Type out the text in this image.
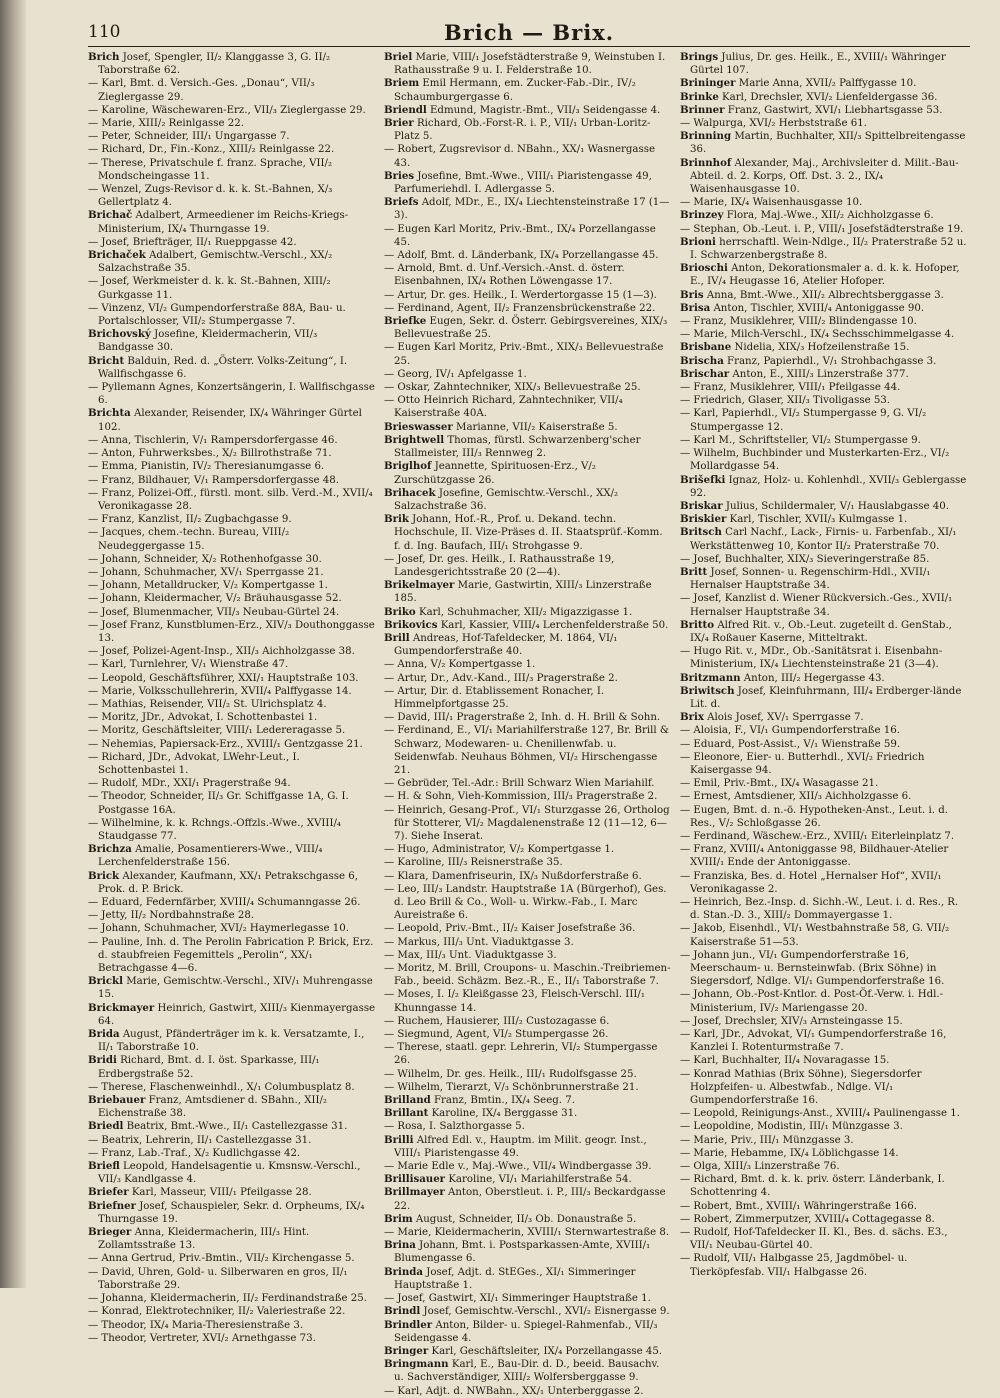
110	Brich — Brix.

Brich Josef, Spengler, II/₂ Klanggasse 3, G. II/₂ Taborstraße 62.

— Karl, Bmt. d. Versich.-Ges. „Donau“, VII/₃ Zieglergasse 29.

— Karoline, Wäschewaren-Erz., VII/₃ Zieglergasse 29.

— Marie, XIII/₂ Reinlgasse 22.

— Peter, Schneider, III/₁ Ungargasse 7.

— Richard, Dr., Fin.-Konz., XIII/₂ Reinlgasse 22.

— Therese, Privatschule f. franz. Sprache, VII/₂ Mondscheingasse 11.

— Wenzel, Zugs-Revisor d. k. k. St.-Bahnen, X/₃ Gellertplatz 4.

Brichač Adalbert, Armeediener im Reichs-Kriegs-Ministerium, IX/₄ Thurngasse 19.

— Josef, Briefträger, II/₁ Rueppgasse 42.

Brichaček Adalbert, Gemischtw.-Verschl., XX/₂ Salzachstraße 35.

— Josef, Werkmeister d. k. k. St.-Bahnen, XIII/₂ Gurkgasse 11.

— Vinzenz, VI/₂ Gumpendorferstraße 88A, Bau- u. Portalschlosser, VII/₂ Stumpergasse 7.

Brichovský Josefine, Kleidermacherin, VII/₃ Bandgasse 30.

Bricht Balduin, Red. d. „Österr. Volks-Zeitung“, I. Wallfischgasse 6.

— Pyllemann Agnes, Konzertsängerin, I. Wallfischgasse 6.

Brichta Alexander, Reisender, IX/₄ Währinger Gürtel 102.

— Anna, Tischlerin, V/₁ Rampersdorfergasse 46.

— Anton, Fuhrwerksbes., X/₂ Billrothstraße 71.

— Emma, Pianistin, IV/₂ Theresianumgasse 6.

— Franz, Bildhauer, V/₁ Rampersdorfergasse 48.

— Franz, Polizei-Off., fürstl. mont. silb. Verd.-M., XVII/₄ Veronikagasse 28.

— Franz, Kanzlist, II/₂ Zugbachgasse 9.

— Jacques, chem.-techn. Bureau, VIII/₂ Neudeggergasse 15.

— Johann, Schneider, X/₂ Rothenhofgasse 30.

— Johann, Schuhmacher, XV/₁ Sperrgasse 21.

— Johann, Metalldrucker, V/₂ Kompertgasse 1.

— Johann, Kleidermacher, V/₂ Bräuhausgasse 52.

— Josef, Blumenmacher, VII/₃ Neubau-Gürtel 24.

— Josef Franz, Kunstblumen-Erz., XIV/₃ Douthonggasse 13.

— Josef, Polizei-Agent-Insp., XII/₃ Aichholzgasse 38.

— Karl, Turnlehrer, V/₁ Wienstraße 47.

— Leopold, Geschäftsführer, XXI/₁ Hauptstraße 103.

— Marie, Volksschullehrerin, XVII/₄ Palffygasse 14.

— Mathias, Reisender, VII/₂ St. Ulrichsplatz 4.

— Moritz, JDr., Advokat, I. Schottenbastei 1.

— Moritz, Geschäftsleiter, VIII/₁ Ledereragasse 5.

— Nehemias, Papiersack-Erz., XVIII/₁ Gentzgasse 21.

— Richard, JDr., Advokat, LWehr-Leut., I. Schottenbastei 1.

— Rudolf, MDr., XXI/₁ Pragerstraße 94.

— Theodor, Schneider, II/₃ Gr. Schiffgasse 1A, G. I. Postgasse 16A.

— Wilhelmine, k. k. Rchngs.-Offzls.-Wwe., XVIII/₄ Staudgasse 77.

Brichza Amalie, Posamentierers-Wwe., VIII/₄ Lerchenfelderstraße 156.

Brick Alexander, Kaufmann, XX/₁ Petrakschgasse 6, Prok. d. P. Brick.

— Eduard, Federnfärber, XVIII/₄ Schumanngasse 26.

— Jetty, II/₂ Nordbahnstraße 28.

— Johann, Schuhmacher, XVI/₂ Haymerlegasse 10.

— Pauline, Inh. d. The Perolin Fabrication P. Brick, Erz. d. staubfreien Fegemittels „Perolin“, XX/₁ Betrachgasse 4—6.

Brickl Marie, Gemischtw.-Verschl., XIV/₁ Muhrengasse 15.

Brickmayer Heinrich, Gastwirt, XIII/₃ Kienmayergasse 64.

Brida August, Pfänderträger im k. k. Versatzamte, I., II/₁ Taborstraße 10.

Bridi Richard, Bmt. d. I. öst. Sparkasse, III/₁ Erdbergstraße 52.

— Therese, Flaschenweinhdl., X/₁ Columbusplatz 8.

Briebauer Franz, Amtsdiener d. SBahn., XII/₂ Eichenstraße 38.

Briedl Beatrix, Bmt.-Wwe., II/₁ Castellezgasse 31.

— Beatrix, Lehrerin, II/₁ Castellezgasse 31.

— Franz, Lab.-Traf., X/₂ Kudlichgasse 42.

Briefl Leopold, Handelsagentie u. Kmsnsw.-Verschl., VII/₃ Kandlgasse 4.

Briefer Karl, Masseur, VIII/₁ Pfeilgasse 28.

Briefner Josef, Schauspieler, Sekr. d. Orpheums, IX/₄ Thurngasse 19.

Brieger Anna, Kleidermacherin, III/₃ Hint. Zollamtsstraße 13.

— Anna Gertrud, Priv.-Bmtin., VII/₂ Kirchengasse 5.

— David, Uhren, Gold- u. Silberwaren en gros, II/₁ Taborstraße 29.

— Johanna, Kleidermacherin, II/₂ Ferdinandstraße 25.

— Konrad, Elektrotechniker, II/₂ Valeriestraße 22.

— Theodor, IX/₄ Maria-Theresienstraße 3.

— Theodor, Vertreter, XVI/₂ Arnethgasse 73.

Briel Marie, VIII/₁ Josefstädterstraße 9, Weinstuben I. Rathausstraße 9 u. I. Felderstraße 10.

Briem Emil Hermann, em. Zucker-Fab.-Dir., IV/₂ Schaumburgergasse 6.

Briendl Edmund, Magistr.-Bmt., VII/₃ Seidengasse 4.

Brier Richard, Ob.-Forst-R. i. P., VII/₁ Urban-Loritz-Platz 5.

— Robert, Zugsrevisor d. NBahn., XX/₁ Wasnergasse 43.

Bries Josefine, Bmt.-Wwe., VIII/₁ Piaristengasse 49, Parfumeriehdl. I. Adlergasse 5.

Briefs Adolf, MDr., E., IX/₄ Liechtensteinstraße 17 (1—3).

— Eugen Karl Moritz, Priv.-Bmt., IX/₄ Porzellangasse 45.

— Adolf, Bmt. d. Länderbank, IX/₄ Porzellangasse 45.

— Arnold, Bmt. d. Unf.-Versich.-Anst. d. österr. Eisenbahnen, IX/₄ Rothen Löwengasse 17.

— Artur, Dr. ges. Heilk., I. Werdertorgasse 15 (1—3).

— Ferdinand, Agent, II/₂ Franzensbrückenstraße 22.

Briefke Eugen, Sekr. d. Österr. Gebirgsvereines, XIX/₃ Bellevuestraße 25.

— Eugen Karl Moritz, Priv.-Bmt., XIX/₃ Bellevuestraße 25.

— Georg, IV/₁ Apfelgasse 1.

— Oskar, Zahntechniker, XIX/₃ Bellevuestraße 25.

— Otto Heinrich Richard, Zahntechniker, VII/₄ Kaiserstraße 40A.

Brieswasser Marianne, VII/₂ Kaiserstraße 5.

Brightwell Thomas, fürstl. Schwarzenberg'scher Stallmeister, III/₃ Rennweg 2.

Briglhof Jeannette, Spirituosen-Erz., V/₂ Zurschützgasse 26.

Brihacek Josefine, Gemischtw.-Verschl., XX/₂ Salzachstraße 36.

Brik Johann, Hof.-R., Prof. u. Dekand. techn. Hochschule, II. Vize-Präses d. II. Staatsprüf.-Komm. f. d. Ing. Baufach, III/₁ Strohgasse 9.

— Josef, Dr. ges. Heilk., I. Rathausstraße 19, Landesgerichtsstraße 20 (2—4).

Brikelmayer Marie, Gastwirtin, XIII/₃ Linzerstraße 185.

Briko Karl, Schuhmacher, XII/₂ Migazzigasse 1.

Brikovics Karl, Kassier, VIII/₄ Lerchenfelderstraße 50.

Brill Andreas, Hof-Tafeldecker, M. 1864, VI/₁ Gumpendorferstraße 40.

— Anna, V/₂ Kompertgasse 1.

— Artur, Dr., Adv.-Kand., III/₃ Pragerstraße 2.

— Artur, Dir. d. Etablissement Ronacher, I. Himmelpfortgasse 25.

— David, III/₁ Pragerstraße 2, Inh. d. H. Brill & Sohn.

— Ferdinand, E., VI/₁ Mariahilferstraße 127, Br. Brill & Schwarz, Modewaren- u. Chenillenwfab. u. Seidenwfab. Neuhaus Böhmen, VI/₂ Hirschengasse 21.

— Gebrüder, Tel.-Adr.: Brill Schwarz Wien Mariahilf.

— H. & Sohn, Vieh-Kommission, III/₃ Pragerstraße 2.

— Heinrich, Gesang-Prof., VI/₁ Sturzgasse 26, Ortholog für Stotterer, VI/₂ Magdalenenstraße 12 (11—12, 6—7). Siehe Inserat.

— Hugo, Administrator, V/₂ Kompertgasse 1.

— Karoline, III/₃ Reisnerstraße 35.

— Klara, Damenfriseurin, IX/₃ Nußdorferstraße 6.

— Leo, III/₃ Landstr. Hauptstraße 1A (Bürgerhof), Ges. d. Leo Brill & Co., Woll- u. Wirkw.-Fab., I. Marc Aureistraße 6.

— Leopold, Priv.-Bmt., II/₂ Kaiser Josefstraße 36.

— Markus, III/₃ Unt. Viaduktgasse 3.

— Max, III/₃ Unt. Viaduktgasse 3.

— Moritz, M. Brill, Croupons- u. Maschin.-Treibriemen-Fab., beeid. Schäzm. Bez.-R., E., II/₁ Taborstraße 7.

— Moses, I. I/₂ Kleißgasse 23, Fleisch-Verschl. III/₁ Khunngasse 14.

— Ruchem, Hausierer, III/₂ Custozagasse 6.

— Siegmund, Agent, VI/₂ Stumpergasse 26.

— Therese, staatl. gepr. Lehrerin, VI/₂ Stumpergasse 26.

— Wilhelm, Dr. ges. Heilk., III/₁ Rudolfsgasse 25.

— Wilhelm, Tierarzt, V/₃ Schönbrunnerstraße 21.

Brilland Franz, Bmtin., IX/₄ Seeg. 7.

Brillant Karoline, IX/₄ Berggasse 31.

— Rosa, I. Salzthorgasse 5.

Brilli Alfred Edl. v., Hauptm. im Milit. geogr. Inst., VIII/₁ Piaristengasse 49.

— Marie Edle v., Maj.-Wwe., VII/₄ Windbergasse 39.

Brillisauer Karoline, VI/₁ Mariahilferstraße 54.

Brillmayer Anton, Oberstleut. i. P., III/₃ Beckardgasse 22.

Brim August, Schneider, II/₃ Ob. Donaustraße 5.

— Marie, Kleidermacherin, XVIII/₁ Sternwartestraße 8.

Brina Johann, Bmt. i. Postsparkassen-Amte, XVIII/₁ Blumengasse 6.

Brinda Josef, Adjt. d. StEGes., XI/₁ Simmeringer Hauptstraße 1.

— Josef, Gastwirt, XI/₁ Simmeringer Hauptstraße 1.

Brindl Josef, Gemischtw.-Verschl., XVI/₂ Eisnergasse 9.

Brindler Anton, Bilder- u. Spiegel-Rahmenfab., VII/₃ Seidengasse 4.

Bringer Karl, Geschäftsleiter, IX/₄ Porzellangasse 45.

Bringmann Karl, E., Bau-Dir. d. D., beeid. Bausachv. u. Sachverständiger, XIII/₂ Wolfersberggasse 9.

— Karl, Adjt. d. NWBahn., XX/₁ Unterberggasse 2.

Brings Julius, Dr. ges. Heilk., E., XVIII/₁ Währinger Gürtel 107.

Brininger Marie Anna, XVII/₂ Palffygasse 10.

Brinke Karl, Drechsler, XVI/₂ Lienfeldergasse 36.

Brinner Franz, Gastwirt, XVI/₁ Liebhartsgasse 53.

— Walpurga, XVI/₂ Herbststraße 61.

Brinning Martin, Buchhalter, XII/₃ Spittelbreitengasse 36.

Brinnhof Alexander, Maj., Archivsleiter d. Milit.-Bau-Abteil. d. 2. Korps, Off. Dst. 3. 2., IX/₄ Waisenhausgasse 10.

— Marie, IX/₄ Waisenhausgasse 10.

Brinzey Flora, Maj.-Wwe., XII/₂ Aichholzgasse 6.

— Stephan, Ob.-Leut. i. P., VIII/₁ Josefstädterstraße 19.

Brioni herrschaftl. Wein-Ndlge., II/₂ Praterstraße 52 u. I. Schwarzenbergstraße 8.

Brioschi Anton, Dekorationsmaler a. d. k. k. Hofoper, E., IV/₄ Heugasse 16, Atelier Hofoper.

Bris Anna, Bmt.-Wwe., XII/₂ Albrechtsberggasse 3.

Brisa Anton, Tischler, XVIII/₄ Antoniggasse 90.

— Franz, Musiklehrer, VIII/₂ Blindengasse 10.

— Marie, Milch-Verschl., IX/₄ Sechsschimmelgasse 4.

Brisbane Nidelia, XIX/₃ Hofzeilenstraße 15.

Brischa Franz, Papierhdl., V/₁ Strohbachgasse 3.

Brischar Anton, E., XIII/₃ Linzerstraße 377.

— Franz, Musiklehrer, VIII/₁ Pfeilgasse 44.

— Friedrich, Glaser, XII/₃ Tivoligasse 53.

— Karl, Papierhdl., VI/₂ Stumpergasse 9, G. VI/₂ Stumpergasse 12.

— Karl M., Schriftsteller, VI/₂ Stumpergasse 9.

— Wilhelm, Buchbinder und Musterkarten-Erz., VI/₂ Mollardgasse 54.

Brišefki Ignaz, Holz- u. Kohlenhdl., XVII/₃ Geblergasse 92.

Briskar Julius, Schildermaler, V/₁ Hauslabgasse 40.

Briskier Karl, Tischler, XVII/₃ Kulmgasse 1.

Britsch Carl Nachf., Lack-, Firnis- u. Farbenfab., XI/₁ Werkstättenweg 10, Kontor II/₂ Praterstraße 70.

— Josef, Buchhalter, XIX/₃ Sieveringerstraße 85.

Britt Josef, Sonnen- u. Regenschirm-Hdl., XVII/₁ Hernalser Hauptstraße 34.

— Josef, Kanzlist d. Wiener Rückversich.-Ges., XVII/₁ Hernalser Hauptstraße 34.

Britto Alfred Rit. v., Ob.-Leut. zugeteilt d. GenStab., IX/₄ Roßauer Kaserne, Mitteltrakt.

— Hugo Rit. v., MDr., Ob.-Sanitätsrat i. Eisenbahn-Ministerium, IX/₄ Liechtensteinstraße 21 (3—4).

Britzmann Anton, III/₂ Hegergasse 43.

Briwitsch Josef, Kleinfuhrmann, III/₄ Erdberger-lände Lit. d.

Brix Alois Josef, XV/₁ Sperrgasse 7.

— Aloisia, F., VI/₁ Gumpendorferstraße 16.

— Eduard, Post-Assist., V/₁ Wienstraße 59.

— Eleonore, Eier- u. Butterhdl., XVI/₂ Friedrich Kaisergasse 94.

— Emil, Priv.-Bmt., IX/₄ Wasagasse 21.

— Ernest, Amtsdiener, XII/₃ Aichholzgasse 6.

— Eugen, Bmt. d. n.-ö. Hypotheken-Anst., Leut. i. d. Res., V/₂ Schloßgasse 26.

— Ferdinand, Wäschew.-Erz., XVIII/₁ Eiterleinplatz 7.

— Franz, XVIII/₄ Antoniggasse 98, Bildhauer-Atelier XVIII/₁ Ende der Antoniggasse.

— Franziska, Bes. d. Hotel „Hernalser Hof“, XVII/₁ Veronikagasse 2.

— Heinrich, Bez.-Insp. d. Sichh.-W., Leut. i. d. Res., R. d. Stan.-D. 3., XIII/₂ Dommayergasse 1.

— Jakob, Eisenhdl., VI/₁ Westbahnstraße 58, G. VII/₂ Kaiserstraße 51—53.

— Johann jun., VI/₁ Gumpendorferstraße 16, Meerschaum- u. Bernsteinwfab. (Brix Söhne) in Siegersdorf, Ndlge. VI/₁ Gumpendorferstraße 16.

— Johann, Ob.-Post-Kntlor. d. Post-Öf.-Verw. i. Hdl.-Ministerium, IV/₂ Mariengasse 20.

— Josef, Drechsler, XIV/₃ Arnsteingasse 15.

— Karl, JDr., Advokat, VI/₁ Gumpendorferstraße 16, Kanzlei I. Rotenturmstraße 7.

— Karl, Buchhalter, II/₄ Novaragasse 15.

— Konrad Mathias (Brix Söhne), Siegersdorfer Holzpfeifen- u. Albestwfab., Ndlge. VI/₁ Gumpendorferstraße 16.

— Leopold, Reinigungs-Anst., XVIII/₄ Paulinengasse 1.

— Leopoldine, Modistin, III/₁ Münzgasse 3.

— Marie, Priv., III/₁ Münzgasse 3.

— Marie, Hebamme, IX/₄ Löblichgasse 14.

— Olga, XIII/₃ Linzerstraße 76.

— Richard, Bmt. d. k. k. priv. österr. Länderbank, I. Schottenring 4.

— Robert, Bmt., XVIII/₁ Währingerstraße 166.

— Robert, Zimmerputzer, XVIII/₄ Cottagegasse 8.

— Rudolf, Hof-Tafeldecker II. Kl., Bes. d. sächs. E3., VII/₁ Neubau-Gürtel 40.

— Rudolf, VII/₁ Halbgasse 25, Jagdmöbel- u. Tierköpfesfab. VII/₁ Halbgasse 26.
